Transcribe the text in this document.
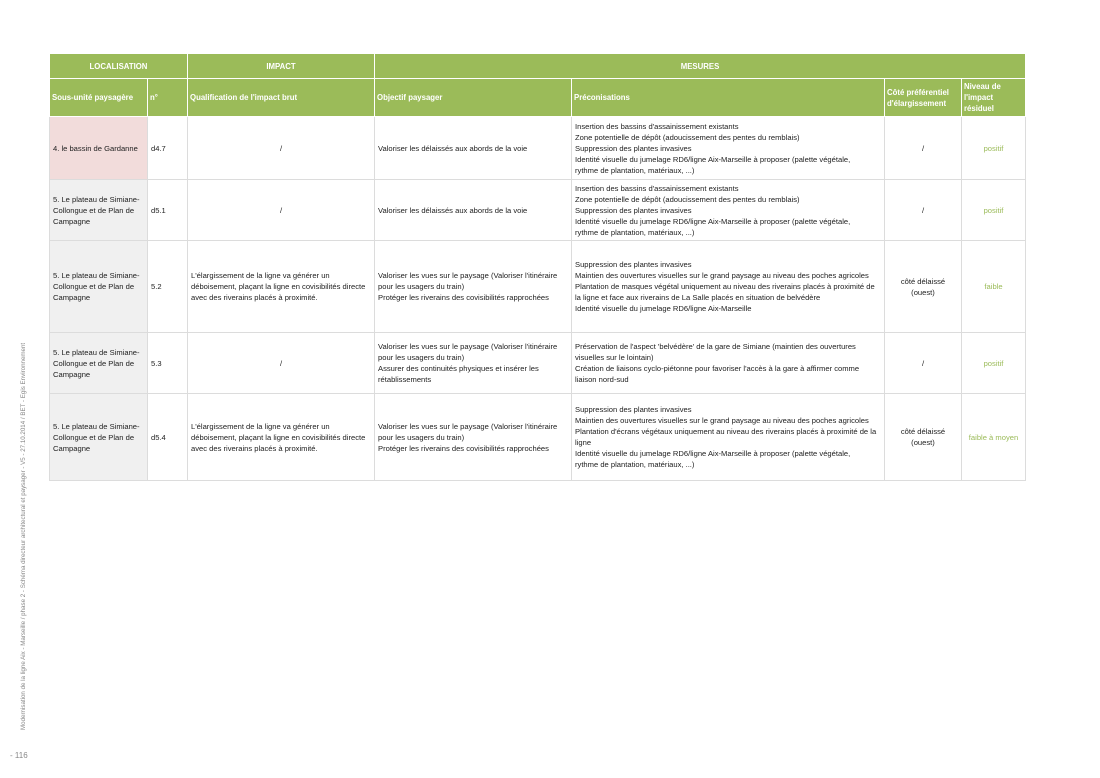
Modernisation de la ligne Aix - Marseille / phase 2 - Schéma directeur architectural et paysager - V5 - 27.10.2014 / BET - Egis Environnement
- 116
LOCALISATION		IMPACT	MESURES			
Sous-unité paysagère	n°	Qualification de l'impact brut	Objectif paysager	Préconisations	Côté préférentiel d'élargissement	Niveau de l'impact résiduel
4. le bassin de Gardanne	d4.7	/	Valoriser les délaissés aux abords de la voie	Insertion des bassins d'assainissement existants
Zone potentielle de dépôt (adoucissement des pentes du remblais)
Suppression des plantes invasives
Identité visuelle du jumelage RD6/ligne Aix-Marseille à proposer (palette végétale,
rythme de plantation, matériaux, ...)	/	positif
5. Le plateau de Simiane-Collongue et de Plan de Campagne	d5.1	/	Valoriser les délaissés aux abords de la voie	Insertion des bassins d'assainissement existants
Zone potentielle de dépôt (adoucissement des pentes du remblais)
Suppression des plantes invasives
Identité visuelle du jumelage RD6/ligne Aix-Marseille à proposer (palette végétale,
rythme de plantation, matériaux, ...)	/	positif
5. Le plateau de Simiane-Collongue et de Plan de Campagne	5.2	L'élargissement de la ligne va générer un déboisement, plaçant la ligne en covisibilités directe avec des riverains placés à proximité.	Valoriser les vues sur le paysage (Valoriser l'itinéraire pour les usagers du train)
Protéger les riverains des covisibilités rapprochées	Suppression des plantes invasives
Maintien des ouvertures visuelles sur le grand paysage au niveau des poches agricoles
Plantation de masques végétal uniquement au niveau des riverains placés à proximité de la ligne et face aux riverains de La Salle placés en situation de belvédère
Identité visuelle du jumelage RD6/ligne Aix-Marseille	côté délaissé
(ouest)	faible
5. Le plateau de Simiane-Collongue et de Plan de Campagne	5.3	/	Valoriser les vues sur le paysage (Valoriser l'itinéraire pour les usagers du train)
Assurer des continuités physiques et insérer les rétablissements	Préservation de l'aspect 'belvédère' de la gare de Simiane (maintien des ouvertures visuelles sur le lointain)
Création de liaisons cyclo-piétonne pour favoriser l'accès à la gare à affirmer comme liaison nord-sud	/	positif
5. Le plateau de Simiane-Collongue et de Plan de Campagne	d5.4	L'élargissement de la ligne va générer un déboisement, plaçant la ligne en covisibilités directe avec des riverains placés à proximité.	Valoriser les vues sur le paysage (Valoriser l'itinéraire pour les usagers du train)
Protéger les riverains des covisibilités rapprochées	Suppression des plantes invasives
Maintien des ouvertures visuelles sur le grand paysage au niveau des poches agricoles
Plantation d'écrans végétaux uniquement au niveau des riverains placés à proximité de la ligne
Identité visuelle du jumelage RD6/ligne Aix-Marseille à proposer (palette végétale,
rythme de plantation, matériaux, ...)	côté délaissé
(ouest)	faible à moyen
